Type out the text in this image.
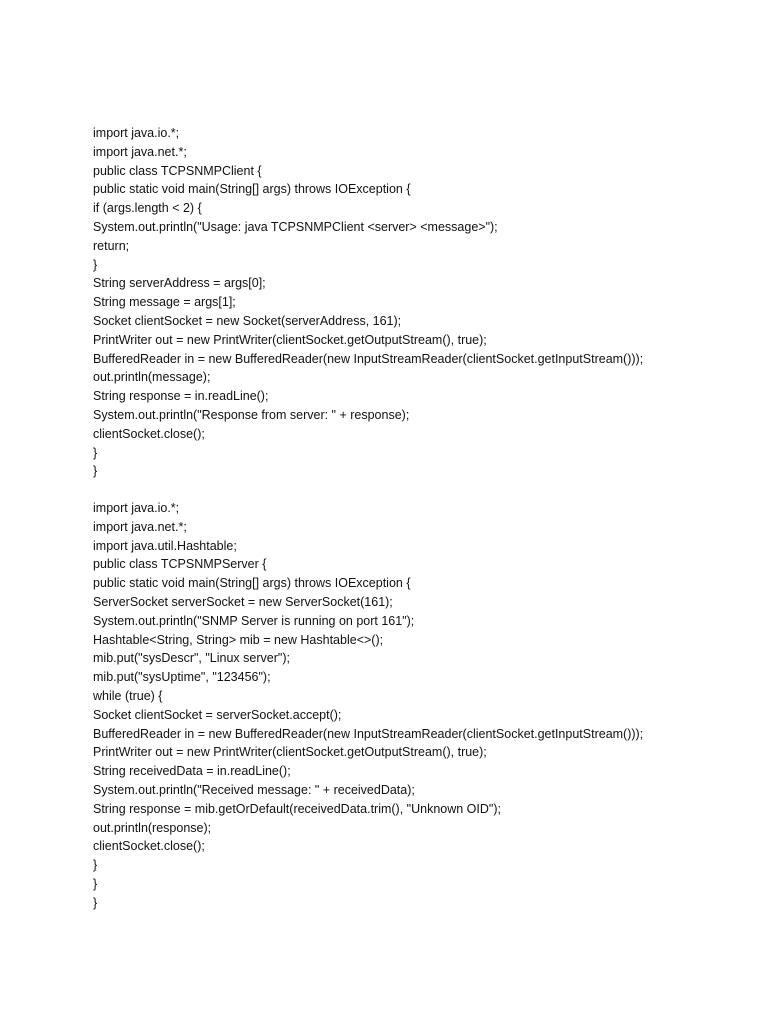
import java.io.*;
import java.net.*;
public class TCPSNMPClient {
public static void main(String[] args) throws IOException {
if (args.length < 2) {
System.out.println("Usage: java TCPSNMPClient <server> <message>");
return;
}
String serverAddress = args[0];
String message = args[1];
Socket clientSocket = new Socket(serverAddress, 161);
PrintWriter out = new PrintWriter(clientSocket.getOutputStream(), true);
BufferedReader in = new BufferedReader(new InputStreamReader(clientSocket.getInputStream()));
out.println(message);
String response = in.readLine();
System.out.println("Response from server: " + response);
clientSocket.close();
}
}
import java.io.*;
import java.net.*;
import java.util.Hashtable;
public class TCPSNMPServer {
public static void main(String[] args) throws IOException {
ServerSocket serverSocket = new ServerSocket(161);
System.out.println("SNMP Server is running on port 161");
Hashtable<String, String> mib = new Hashtable<>();
mib.put("sysDescr", "Linux server");
mib.put("sysUptime", "123456");
while (true) {
Socket clientSocket = serverSocket.accept();
BufferedReader in = new BufferedReader(new InputStreamReader(clientSocket.getInputStream()));
PrintWriter out = new PrintWriter(clientSocket.getOutputStream(), true);
String receivedData = in.readLine();
System.out.println("Received message: " + receivedData);
String response = mib.getOrDefault(receivedData.trim(), "Unknown OID");
out.println(response);
clientSocket.close();
}
}
}
